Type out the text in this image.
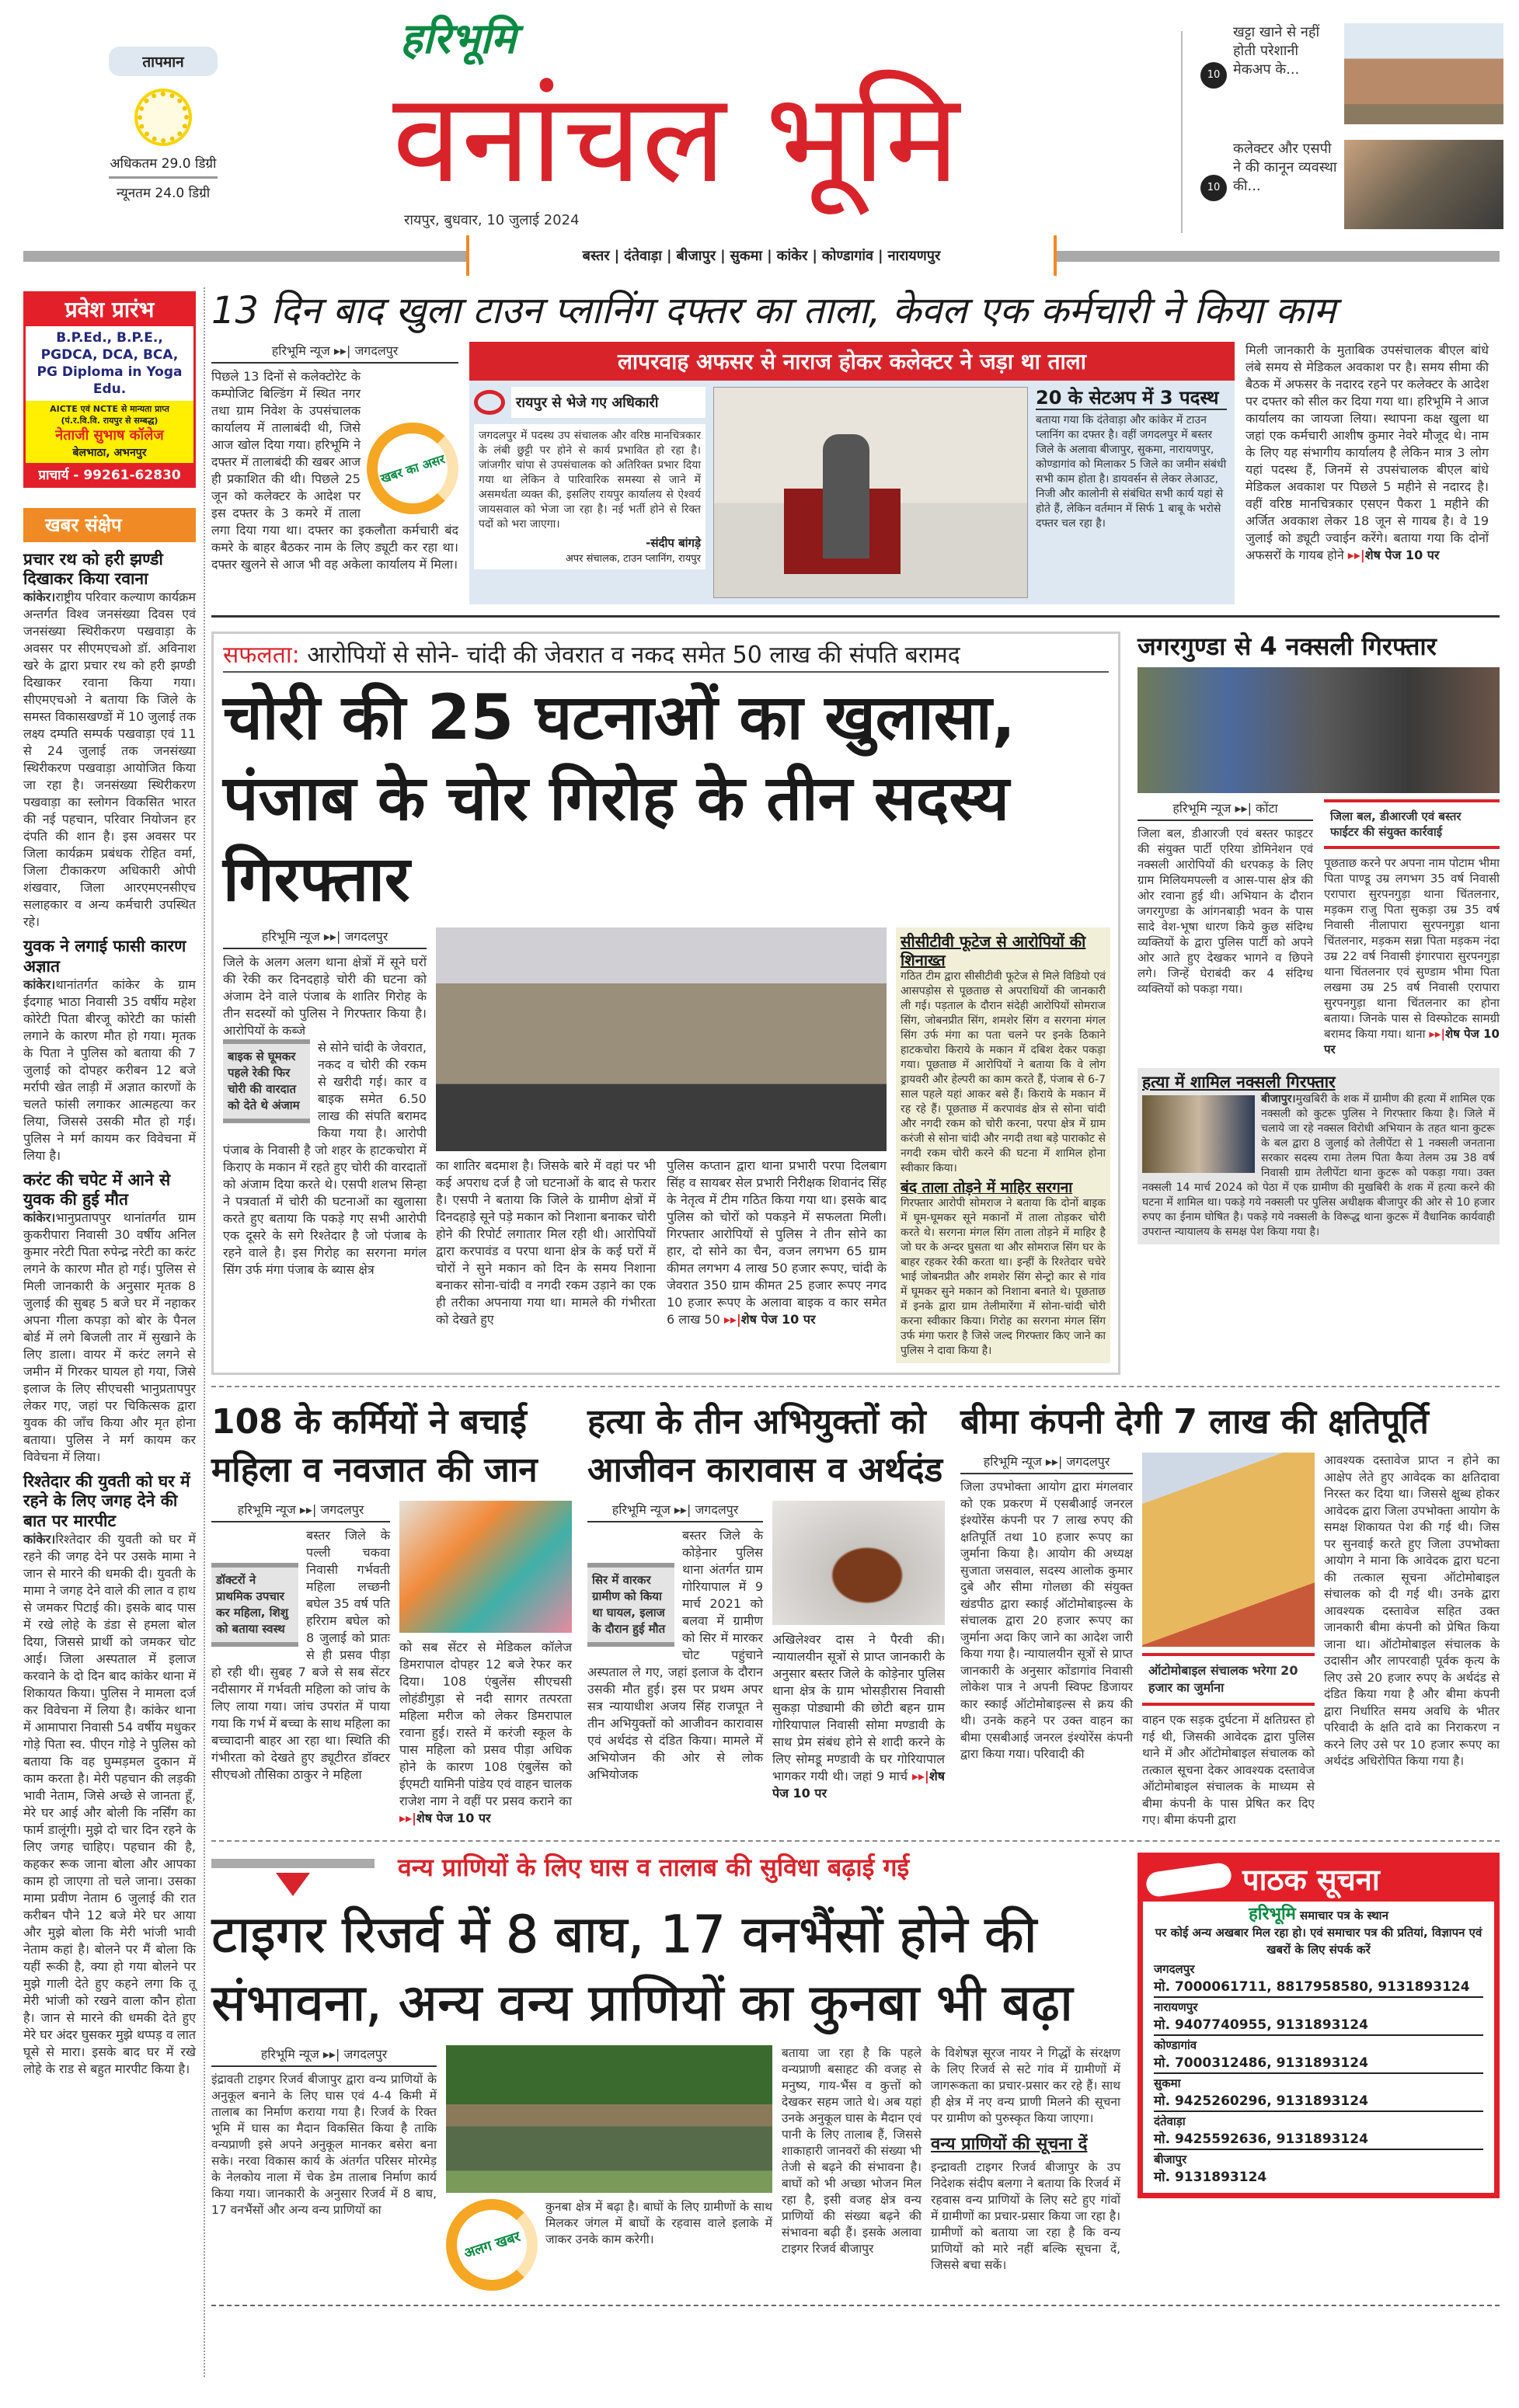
तापमान
अधिकतम 29.0 डिग्री
न्यूनतम 24.0 डिग्री
हरिभूमि
वनांचल भूमि
रायपुर, बुधवार, 10 जुलाई 2024
10
खट्टा खाने से नहीं होती परेशानी मेकअप के...
10
कलेक्टर और एसपी ने की कानून व्यवस्था की...
बस्तर | दंतेवाड़ा | बीजापुर | सुकमा | कांकेर | कोण्डागांव | नारायणपुर
प्रवेश प्रारंभ
B.P.Ed., B.P.E., PGDCA, DCA, BCA, PG Diploma in Yoga Edu.
AICTE एवं NCTE से मान्यता प्राप्त
(पं.र.वि.वि. रायपुर से सम्बद्ध)
नेताजी सुभाष कॉलेज
बेलभाठा, अभनपुर
प्राचार्य - 99261-62830
खबर संक्षेप
प्रचार रथ को हरी झण्डी दिखाकर किया रवाना
कांकेर।राष्ट्रीय परिवार कल्याण कार्यक्रम अन्तर्गत विश्व जनसंख्या दिवस एवं जनसंख्या स्थिरीकरण पखवाड़ा के अवसर पर सीएमएचओ डॉ. अविनाश खरे के द्वारा प्रचार रथ को हरी झण्डी दिखाकर रवाना किया गया। सीएमएचओ ने बताया कि जिले के समस्त विकासखण्डों में 10 जुलाई तक लक्ष्य दम्पति सम्पर्क पखवाड़ा एवं 11 से 24 जुलाई तक जनसंख्या स्थिरीकरण पखवाड़ा आयोजित किया जा रहा है। जनसंख्या स्थिरीकरण पखवाड़ा का स्लोगन विकसित भारत की नई पहचान, परिवार नियोजन हर दंपति की शान है। इस अवसर पर जिला कार्यक्रम प्रबंधक रोहित वर्मा, जिला टीकाकरण अधिकारी ओपी शंखवार, जिला आरएमएनसीएच सलाहकार व अन्य कर्मचारी उपस्थित रहे।
युवक ने लगाई फासी कारण अज्ञात
कांकेर।थानांतर्गत कांकेर के ग्राम ईदगाह भाठा निवासी 35 वर्षीय महेश कोरेटी पिता बीरजू कोरेटी का फांसी लगाने के कारण मौत हो गया। मृतक के पिता ने पुलिस को बताया की 7 जुलाई को दोपहर करीबन 12 बजे मर्रापी खेत लाड़ी में अज्ञात कारणों के चलते फांसी लगाकर आत्महत्या कर लिया, जिससे उसकी मौत हो गई। पुलिस ने मर्ग कायम कर विवेचना में लिया है।
करंट की चपेट में आने से युवक की हुई मौत
कांकेर।भानुप्रतापपुर थानांतर्गत ग्राम कुकरीपारा निवासी 30 वर्षीय अनिल कुमार नरेटी पिता रुपेन्द्र नरेटी का करंट लगने के कारण मौत हो गई। पुलिस से मिली जानकारी के अनुसार मृतक 8 जुलाई की सुबह 5 बजे घर में नहाकर अपना गीला कपड़ा को बोर के पैनल बोर्ड में लगे बिजली तार में सुखाने के लिए डाला। वायर में करंट लगने से जमीन में गिरकर घायल हो गया, जिसे इलाज के लिए सीएचसी भानुप्रतापपुर लेकर गए, जहां पर चिकित्सक द्वारा युवक की जाँच किया और मृत होना बताया। पुलिस ने मर्ग कायम कर विवेचना में लिया।
रिश्तेदार की युवती को घर में रहने के लिए जगह देने की बात पर मारपीट
कांकेर।रिश्तेदार की युवती को घर में रहने की जगह देने पर उसके मामा ने जान से मारने की धमकी दी। युवती के मामा ने जगह देने वाले की लात व हाथ से जमकर पिटाई की। इसके बाद पास में रखे लोहे के डंडा से हमला बोल दिया, जिससे प्रार्थी को जमकर चोट आई। जिला अस्पताल में इलाज करवाने के दो दिन बाद कांकेर थाना में शिकायत किया। पुलिस ने मामला दर्ज कर विवेचना में लिया है। कांकेर थाना में आमापारा निवासी 54 वर्षीय मधुकर गोड़े पिता स्व. पीएन गोड़े ने पुलिस को बताया कि वह घुम्मड़मल दुकान में काम करता है। मेरी पहचान की लड़की भावी नेताम, जिसे अच्छे से जानता हूँ, मेरे घर आई और बोली कि नर्सिंग का फार्म डालूंगी। मुझे दो चार दिन रहने के लिए जगह चाहिए। पहचान की है, कहकर रूक जाना बोला और आपका काम हो जाएगा तो चले जाना। उसका मामा प्रवीण नेताम 6 जुलाई की रात करीबन पौने 12 बजे मेरे घर आया और मुझे बोला कि मेरी भांजी भावी नेताम कहां है। बोलने पर मैं बोला कि यहीं रूकी है, क्या हो गया बोलने पर मुझे गाली देते हुए कहने लगा कि तू मेरी भांजी को रखने वाला कौन होता है। जान से मारने की धमकी देते हुए मेरे घर अंदर घुसकर मुझे थप्पड़ व लात घूसे से मारा। इसके बाद घर में रखे लोहे के राड से बहुत मारपीट किया है।
13 दिन बाद खुला टाउन प्लानिंग दफ्तर का ताला, केवल एक कर्मचारी ने किया काम
हरिभूमि न्यूज ▸▸| जगदलपुर
खबर का असर
पिछले 13 दिनों से कलेक्टोरेट के कम्पोजिट बिल्डिंग में स्थित नगर तथा ग्राम निवेश के उपसंचालक कार्यालय में तालाबंदी थी, जिसे आज खोल दिया गया। हरिभूमि ने दफ्तर में तालाबंदी की खबर आज ही प्रकाशित की थी। पिछले 25 जून को कलेक्टर के आदेश पर इस दफ्तर के 3 कमरे में ताला लगा दिया गया था। दफ्तर का इकलौता कर्मचारी बंद कमरे के बाहर बैठकर नाम के लिए ड्यूटी कर रहा था। दफ्तर खुलने से आज भी वह अकेला कार्यालय में मिला।
लापरवाह अफसर से नाराज होकर कलेक्टर ने जड़ा था ताला
रायपुर से भेजे गए अधिकारी
जगदलपुर में पदस्थ उप संचालक और वरिष्ठ मानचित्रकार के लंबी छुट्टी पर होने से कार्य प्रभावित हो रहा है। जांजगीर चांपा से उपसंचालक को अतिरिक्त प्रभार दिया गया था लेकिन वे पारिवारिक समस्या से जाने में असमर्थता व्यक्त की, इसलिए रायपुर कार्यालय से ऐश्वर्य जायसवाल को भेजा जा रहा है। नई भर्ती होने से रिक्त पदों को भरा जाएगा।
-संदीप बांगड़े
अपर संचालक, टाउन प्लानिंग, रायपुर
20 के सेटअप में 3 पदस्थ
बताया गया कि दंतेवाड़ा और कांकेर में टाउन प्लानिंग का दफ्तर है। वहीं जगदलपुर में बस्तर जिले के अलावा बीजापुर, सुकमा, नारायणपुर, कोण्डागांव को मिलाकर 5 जिले का जमीन संबंधी सभी काम होता है। डायवर्सन से लेकर लेआउट, निजी और कालोनी से संबंधित सभी कार्य यहां से होते हैं, लेकिन वर्तमान में सिर्फ 1 बाबू के भरोसे दफ्तर चल रहा है।
मिली जानकारी के मुताबिक उपसंचालक बीएल बांधे लंबे समय से मेडिकल अवकाश पर है। समय सीमा की बैठक में अफसर के नदारद रहने पर कलेक्टर के आदेश पर दफ्तर को सील कर दिया गया था। हरिभूमि ने आज कार्यालय का जायजा लिया। स्थापना कक्ष खुला था जहां एक कर्मचारी आशीष कुमार नेवरे मौजूद थे। नाम के लिए यह संभागीय कार्यालय है लेकिन मात्र 3 लोग यहां पदस्थ हैं, जिनमें से उपसंचालक बीएल बांधे मेडिकल अवकाश पर पिछले 5 महीने से नदारद है। वहीं वरिष्ठ मानचित्रकार एसएन पैकरा 1 महीने की अर्जित अवकाश लेकर 18 जून से गायब है। वे 19 जुलाई को ड्यूटी ज्वाईन करेंगे। बताया गया कि दोनों अफसरों के गायब होने ▸▸|शेष पेज 10 पर
सफलता: आरोपियों से सोने- चांदी की जेवरात व नकद समेत 50 लाख की संपति बरामद
चोरी की 25 घटनाओं का खुलासा, पंजाब के चोर गिरोह के तीन सदस्य गिरफ्तार
हरिभूमि न्यूज ▸▸| जगदलपुर
जिले के अलग अलग थाना क्षेत्रों में सूने घरों की रेकी कर दिनदहाड़े चोरी की घटना को अंजाम देने वाले पंजाब के शातिर गिरोह के तीन सदस्यों को पुलिस ने गिरफ्तार किया है। आरोपियों के कब्जे
बाइक से घूमकर पहले रेकी फिर चोरी की वारदात को देते थे अंजाम
से सोने चांदी के जेवरात, नकद व चोरी की रकम से खरीदी गई। कार व बाइक समेत 6.50 लाख की संपति बरामद किया गया है। आरोपी पंजाब के निवासी है जो शहर के हाटकचोरा में किराए के मकान में रहते हुए चोरी की वारदातों को अंजाम दिया करते थे। एसपी शलभ सिन्हा ने पत्रवार्ता में चोरी की घटनाओं का खुलासा करते हुए बताया कि पकड़े गए सभी आरोपी एक दूसरे के सगे रिश्तेदार है जो पंजाब के रहने वाले है। इस गिरोह का सरगना मगंल सिंग उर्फ मंगा पंजाब के ब्यास क्षेत्र
का शातिर बदमाश है। जिसके बारे में वहां पर भी कई अपराध दर्ज है जो घटनाओं के बाद से फरार है। एसपी ने बताया कि जिले के ग्रामीण क्षेत्रों में दिनदहाड़े सूने पड़े मकान को निशाना बनाकर चोरी होने की रिपोर्ट लगातार मिल रही थी। आरोपियों द्वारा करपावंड व परपा थाना क्षेत्र के कई घरों में चोरों ने सुने मकान को दिन के समय निशाना बनाकर सोना-चांदी व नगदी रकम उड़ाने का एक ही तरीका अपनाया गया था। मामले की गंभीरता को देखते हुए
पुलिस कप्तान द्वारा थाना प्रभारी परपा दिलबाग सिंह व सायबर सेल प्रभारी निरीक्षक शिवानंद सिंह के नेतृत्व में टीम गठित किया गया था। इसके बाद पुलिस को चोरों को पकड़ने में सफलता मिली। गिरफ्तार आरोपियों से पुलिस ने तीन सोने का हार, दो सोने का चैन, वजन लगभग 65 ग्राम कीमत लगभग 4 लाख 50 हजार रूपए, चांदी के जेवरात 350 ग्राम कीमत 25 हजार रूपए नगद 10 हजार रूपए के अलावा बाइक व कार समेत 6 लाख 50 ▸▸|शेष पेज 10 पर
सीसीटीवी फूटेज से आरोपियों की शिनाख्त
गठित टीम द्वारा सीसीटीवी फूटेज से मिले विडियो एवं आसपड़ोस से पूछताछ से अपराधियों की जानकारी ली गई। पड़ताल के दौरान संदेही आरोपियों सोमराज सिंग, जोबनप्रीत सिंग, शमशेर सिंग व सरगना मंगल सिंग उर्फ मंगा का पता चलने पर इनके ठिकाने हाटकचोरा किराये के मकान में दबिश देकर पकड़ा गया। पूछताछ में आरोपियों ने बताया कि वे लोग ड्रायवरी और हेल्परी का काम करते हैं, पंजाब से 6-7 साल पहले यहां आकर बसे हैं। किराये के मकान में रह रहे हैं। पूछताछ में करपावंड क्षेत्र से सोना चांदी और नगदी रकम को चोरी करना, परपा क्षेत्र में ग्राम करंजी से सोना चांदी और नगदी तथा बड़े पाराकोट से नगदी रकम चोरी करने की घटना में शामिल होना स्वीकार किया।
बंद ताला तोड़ने में माहिर सरगना
गिरफ्तार आरोपी सोमराज ने बताया कि दोनों बाइक में घूम-घूमकर सूने मकानों में ताला तोड़कर चोरी करते थे। सरगना मंगल सिंग ताला तोड़ने में माहिर है जो घर के अन्दर घुसता था और सोमराज सिंग घर के बाहर रहकर रेकी करता था। इन्हीं के रिश्तेदार चचेरे भाई जोबनप्रीत और शमशेर सिंग सेन्ट्रो कार से गांव में घूमकर सुने मकान को निशाना बनाते थे। पूछताछ में इनके द्वारा ग्राम तेलीमारेंगा में सोना-चांदी चोरी करना स्वीकार किया। गिरोह का सरगना मंगल सिंग उर्फ मंगा फरार है जिसे जल्द गिरफ्तार किए जाने का पुलिस ने दावा किया है।
जगरगुण्डा से 4 नक्सली गिरफ्तार
हरिभूमि न्यूज ▸▸| कोंटा
जिला बल, डीआरजी एवं बस्तर फाइटर की संयुक्त पार्टी एरिया डोमिनेशन एवं नक्सली आरोपियों की धरपकड़ के लिए ग्राम मिलियमपल्ली व आस-पास क्षेत्र की ओर रवाना हुई थी। अभियान के दौरान जगरगुण्डा के आंगनबाड़ी भवन के पास सादे वेश-भूषा धारण किये कुछ संदिग्ध व्यक्तियों के द्वारा पुलिस पार्टी को अपने ओर आते हुए देखकर भागने व छिपने लगे। जिन्हें घेराबंदी कर 4 संदिग्ध व्यक्तियों को पकड़ा गया।
जिला बल, डीआरजी एवं बस्तर फाईटर की संयुक्त कार्रवाई
पूछताछ करने पर अपना नाम पोटाम भीमा पिता पाण्डू उम्र लगभग 35 वर्ष निवासी एरापारा सुरपनगुड़ा थाना चिंतलनार, मड़कम राजु पिता सुकड़ा उम्र 35 वर्ष निवासी नीलापारा सुरपनगुड़ा थाना चिंतलनार, मड़कम सन्ना पिता मड़कम नंदा उम्र 22 वर्ष निवासी इंगारपारा सुरपनगुड़ा थाना चिंतलनार एवं सुण्डाम भीमा पिता लखमा उम्र 25 वर्ष निवासी एरापारा सुरपनगुड़ा थाना चिंतलनार का होना बताया। जिनके पास से विस्फोटक सामग्री बरामद किया गया। थाना ▸▸|शेष पेज 10 पर
हत्या में शामिल नक्सली गिरफ्तार
बीजापुर।मुखबिरी के शक में ग्रामीण की हत्या में शामिल एक नक्सली को कुटरू पुलिस ने गिरफ्तार किया है। जिले में चलाये जा रहे नक्सल विरोधी अभियान के तहत थाना कुटरू के बल द्वारा 8 जुलाई को तेलीपेंटा से 1 नक्सली जनताना सरकार सदस्य रामा तेलम पिता कैया तेलम उम्र 38 वर्ष निवासी ग्राम तेलीपेंटा थाना कुटरू को पकड़ा गया। उक्त नक्सली 14 मार्च 2024 को पेठा में एक ग्रामीण की मुखबिरी के शक में हत्या करने की घटना में शामिल था। पकड़े गये नक्सली पर पुलिस अधीक्षक बीजापुर की ओर से 10 हजार रुपए का ईनाम घोषित है। पकड़े गये नक्सली के विरूद्ध थाना कुटरू में वैधानिक कार्यवाही उपरान्त न्यायालय के समक्ष पेश किया गया है।
108 के कर्मियों ने बचाई महिला व नवजात की जान
हरिभूमि न्यूज ▸▸| जगदलपुर
डॉक्टरों ने प्राथमिक उपचार कर महिला, शिशु को बताया स्वस्थ
बस्तर जिले के पल्ली चकवा निवासी गर्भवती महिला लच्छनी बघेल 35 वर्ष पति हरिराम बघेल को 8 जुलाई को प्रातः से ही प्रसव पीड़ा हो रही थी। सुबह 7 बजे से सब सेंटर नदीसागर में गर्भवती महिला को जांच के लिए लाया गया। जांच उपरांत में पाया गया कि गर्भ में बच्चा के साथ महिला का बच्चादानी बाहर आ रहा था। स्थिति की गंभीरता को देखते हुए ड्यूटीरत डॉक्टर सीएचओ तौसिका ठाकुर ने महिला
को सब सेंटर से मेडिकल कॉलेज डिमरापाल दोपहर 12 बजे रेफर कर दिया। 108 एंबुलेंस सीएचसी लोहंडीगुड़ा से नदी सागर तत्परता महिला मरीज को लेकर डिमरापाल रवाना हुई। रास्ते में करंजी स्कूल के पास महिला को प्रसव पीड़ा अधिक होने के कारण 108 एंबुलेंस को ईएमटी यामिनी पांडेय एवं वाहन चालक राजेश नाग ने वहीं पर प्रसव कराने का ▸▸|शेष पेज 10 पर
हत्या के तीन अभियुक्तों को आजीवन कारावास व अर्थदंड
हरिभूमि न्यूज ▸▸| जगदलपुर
सिर में वारकर ग्रामीण को किया था घायल, इलाज के दौरान हुई मौत
बस्तर जिले के कोड़ेनार पुलिस थाना अंतर्गत ग्राम गोरियापाल में 9 मार्च 2021 को बलवा में ग्रामीण को सिर में मारकर चोट पहुंचाने अस्पताल ले गए, जहां इलाज के दौरान उसकी मौत हुई। इस पर प्रथम अपर सत्र न्यायाधीश अजय सिंह राजपूत ने तीन अभियुक्तों को आजीवन कारावास एवं अर्थदंड से दंडित किया। मामले में अभियोजन की ओर से लोक अभियोजक
अखिलेश्वर दास ने पैरवी की। न्यायालयीन सूत्रों से प्राप्त जानकारी के अनुसार बस्तर जिले के कोड़ेनार पुलिस थाना क्षेत्र के ग्राम भोसड़ीरास निवासी सुकड़ा पोड्यामी की छोटी बहन ग्राम गोरियापाल निवासी सोमा मण्डावी के साथ प्रेम संबंध होने से शादी करने के लिए सोमडू मण्डावी के घर गोरियापाल भागकर गयी थी। जहां 9 मार्च ▸▸|शेष पेज 10 पर
बीमा कंपनी देगी 7 लाख की क्षतिपूर्ति
हरिभूमि न्यूज ▸▸| जगदलपुर
जिला उपभोक्ता आयोग द्वारा मंगलवार को एक प्रकरण में एसबीआई जनरल इंश्योरेंस कंपनी पर 7 लाख रुपए की क्षतिपूर्ति तथा 10 हजार रूपए का जुर्माना किया है। आयोग की अध्यक्ष सुजाता जसवाल, सदस्य आलोक कुमार दुबे और सीमा गोलछा की संयुक्त खंडपीठ द्वारा स्काई ऑटोमोबाइल्स के संचालक द्वारा 20 हजार रूपए का जुर्माना अदा किए जाने का आदेश जारी किया गया है। न्यायालयीन सूत्रों से प्राप्त जानकारी के अनुसार कोंडागांव निवासी लोकेश पात्र ने अपनी स्विफ्ट डिजायर कार स्काई ऑटोमोबाइल्स से क्रय की थी। उनके कहने पर उक्त वाहन का बीमा एसबीआई जनरल इंश्योरेंस कंपनी द्वारा किया गया। परिवादी की
ऑटोमोबाइल संचालक भरेगा 20 हजार का जुर्माना
वाहन एक सड़क दुर्घटना में क्षतिग्रस्त हो गई थी, जिसकी आवेदक द्वारा पुलिस थाने में और ऑटोमोबाइल संचालक को तत्काल सूचना देकर आवश्यक दस्तावेज ऑटोमोबाइल संचालक के माध्यम से बीमा कंपनी के पास प्रेषित कर दिए गए। बीमा कंपनी द्वारा
आवश्यक दस्तावेज प्राप्त न होने का आक्षेप लेते हुए आवेदक का क्षतिदावा निरस्त कर दिया था। जिससे क्षुब्ध होकर आवेदक द्वारा जिला उपभोक्ता आयोग के समक्ष शिकायत पेश की गई थी। जिस पर सुनवाई करते हुए जिला उपभोक्ता आयोग ने माना कि आवेदक द्वारा घटना की तत्काल सूचना ऑटोमोबाइल संचालक को दी गई थी। उनके द्वारा आवश्यक दस्तावेज सहित उक्त जानकारी बीमा कंपनी को प्रेषित किया जाना था। ऑटोमोबाइल संचालक के उदासीन और लापरवाही पूर्वक कृत्य के लिए उसे 20 हजार रुपए के अर्थदंड से दंडित किया गया है और बीमा कंपनी द्वारा निर्धारित समय अवधि के भीतर परिवादी के क्षति दावे का निराकरण न करने लिए उसे पर 10 हजार रूपए का अर्थदंड अधिरोपित किया गया है।
वन्य प्राणियों के लिए घास व तालाब की सुविधा बढ़ाई गई
टाइगर रिजर्व में 8 बाघ, 17 वनभैंसों होने की संभावना, अन्य वन्य प्राणियों का कुनबा भी बढ़ा
हरिभूमि न्यूज ▸▸| जगदलपुर
इंद्रावती टाइगर रिजर्व बीजापुर द्वारा वन्य प्राणियों के अनुकूल बनाने के लिए घास एवं 4-4 किमी में तालाब का निर्माण कराया गया है। रिजर्व के रिक्त भूमि में घास का मैदान विकसित किया है ताकि वन्यप्राणी इसे अपने अनुकूल मानकर बसेरा बना सके। नरवा विकास कार्य के अंतर्गत परिसर मोरमेड़ के नेलकोय नाला में चेक डेम तालाब निर्माण कार्य किया गया। जानकारी के अनुसार रिजर्व में 8 बाघ, 17 वनभैंसों और अन्य वन्य प्राणियों का
अलग खबर
कुनबा क्षेत्र में बढ़ा है। बाघों के लिए ग्रामीणों के साथ मिलकर जंगल में बाघों के रहवास वाले इलाके में जाकर उनके काम करेगी।
बताया जा रहा है कि पहले वन्यप्राणी बसाहट की वजह से मनुष्य, गाय-भैंस व कुत्तों को देखकर सहम जाते थे। अब यहां उनके अनुकूल घास के मैदान एवं पानी के लिए तालाब हैं, जिससे शाकाहारी जानवरों की संख्या भी तेजी से बढ़ने की संभावना है। बाघों को भी अच्छा भोजन मिल रहा है, इसी वजह क्षेत्र वन्य प्राणियों की संख्या बढ़ने की संभावना बढ़ी हैं। इसके अलावा टाइगर रिजर्व बीजापुर
के विशेषज्ञ सूरज नायर ने गिद्धों के संरक्षण के लिए रिजर्व से सटे गांव में ग्रामीणों में जागरूकता का प्रचार-प्रसार कर रहे हैं। साथ ही क्षेत्र में नए वन्य प्राणी मिलने की सूचना पर ग्रामीण को पुरुस्कृत किया जाएगा।
वन्य प्राणियों की सूचना दें
इन्द्रावती टाइगर रिजर्व बीजापुर के उप निदेशक संदीप बलगा ने बताया कि रिजर्व में रहवास वन्य प्राणियों के लिए सटे हुए गांवों में ग्रामीणों का प्रचार-प्रसार किया जा रहा है। ग्रामीणों को बताया जा रहा है कि वन्य प्राणियों को मारे नहीं बल्कि सूचना दें, जिससे बचा सकें।
पाठक सूचना
हरिभूमि समाचार पत्र के स्थान
पर कोई अन्य अखबार मिल रहा हो। एवं समाचार पत्र की प्रतियां, विज्ञापन एवं खबरों के लिए संपर्क करें
जगदलपुर
मो. 7000061711, 8817958580, 9131893124
नारायणपुर
मो. 9407740955, 9131893124
कोण्डागांव
मो. 7000312486, 9131893124
सुकमा
मो. 9425260296, 9131893124
दंतेवाड़ा
मो. 9425592636, 9131893124
बीजापुर
मो. 9131893124
